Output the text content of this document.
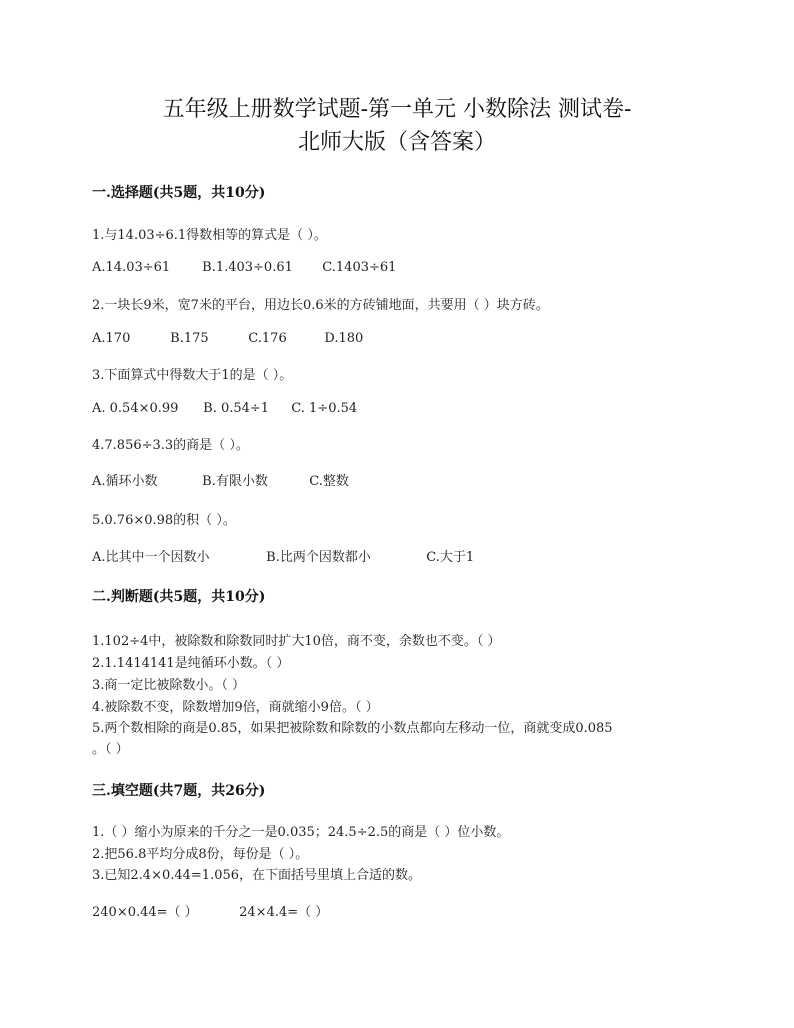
五年级上册数学试题-第一单元 小数除法 测试卷-
北师大版（含答案）
一.选择题(共5题，共10分)
1.与14.03÷6.1得数相等的算式是（ ）。
A.14.03÷61 B.1.403÷0.61 C.1403÷61
2.一块长9米，宽7米的平台，用边长0.6米的方砖铺地面，共要用（ ）块方砖。
A.170	B.175	C.176	D.180
3.下面算式中得数大于1的是（ ）。
A. 0.54×0.99 B. 0.54÷1 C. 1÷0.54
4.7.856÷3.3的商是（ ）。
A.循环小数	B.有限小数	C.整数
5.0.76×0.98的积（ ）。
A.比其中一个因数小	B.比两个因数都小	C.大于1
二.判断题(共5题，共10分)
1.102÷4中，被除数和除数同时扩大10倍，商不变，余数也不变。（ ）
2.1.1414141是纯循环小数。（ ）
3.商一定比被除数小。（ ）
4.被除数不变，除数增加9倍，商就缩小9倍。（ ）
5.两个数相除的商是0.85，如果把被除数和除数的小数点都向左移动一位，商就变成0.085
。（ ）
三.填空题(共7题，共26分)
1.（ ）缩小为原来的千分之一是0.035；24.5÷2.5的商是（ ）位小数。
2.把56.8平均分成8份，每份是（ ）。
3.已知2.4×0.44=1.056，在下面括号里填上合适的数。
240×0.44=（ ）	24×4.4=（ ）
